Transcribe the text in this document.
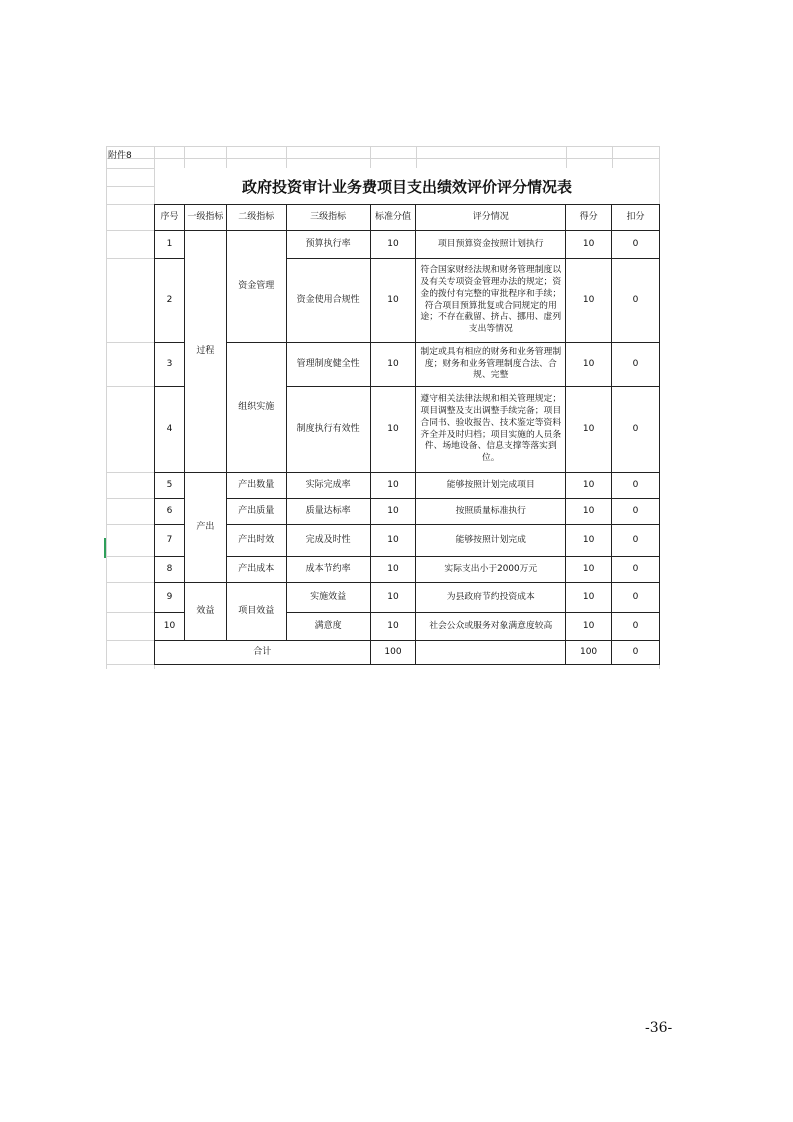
附件8
政府投资审计业务费项目支出绩效评价评分情况表
序号	一级指标	二级指标	三级指标	标准分值	评分情况	得分	扣分
1	过程	资金管理	预算执行率	10	项目预算资金按照计划执行	10	0
2			资金使用合规性	10	符合国家财经法规和财务管理制度以及有关专项资金管理办法的规定；资金的拨付有完整的审批程序和手续；符合项目预算批复或合同规定的用途；不存在截留、挤占、挪用、虚列支出等情况	10	0
3		组织实施	管理制度健全性	10	制定或具有相应的财务和业务管理制度；财务和业务管理制度合法、合规、完整	10	0
4			制度执行有效性	10	遵守相关法律法规和相关管理规定；项目调整及支出调整手续完备；项目合同书、验收报告、技术鉴定等资料齐全并及时归档；项目实施的人员条件、场地设备、信息支撑等落实到位。	10	0
5	产出	产出数量	实际完成率	10	能够按照计划完成项目	10	0
6		产出质量	质量达标率	10	按照质量标准执行	10	0
7		产出时效	完成及时性	10	能够按照计划完成	10	0
8		产出成本	成本节约率	10	实际支出小于2000万元	10	0
9	效益	项目效益	实施效益	10	为县政府节约投资成本	10	0
10			满意度	10	社会公众或服务对象满意度较高	10	0
合计				100		100	0
-36-
